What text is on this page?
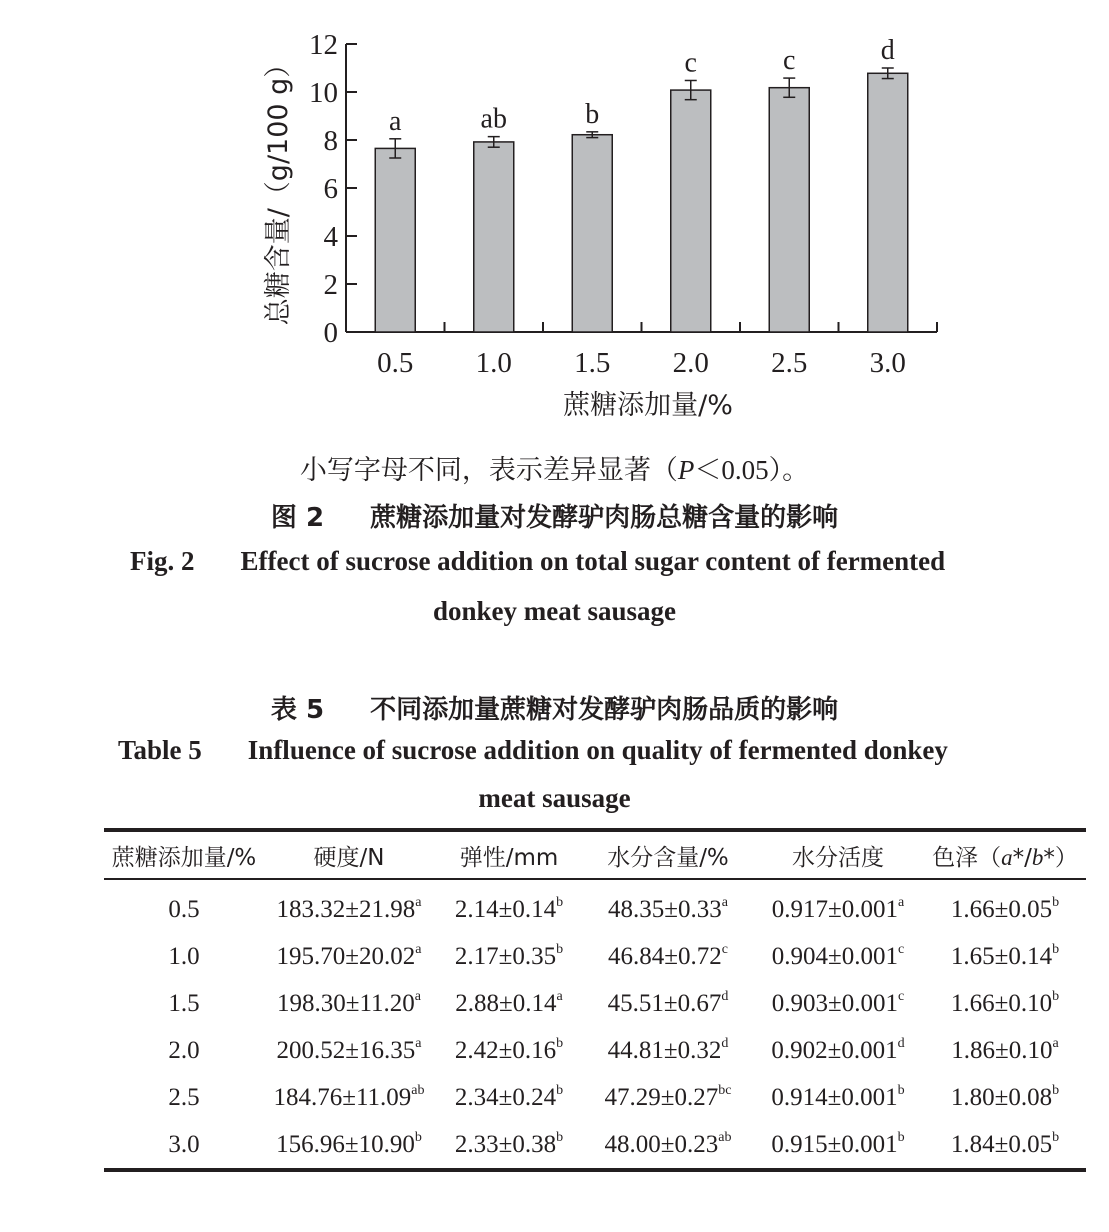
0
2
4
6
8
10
12
0.5 1.0 1.5 2.0 2.5 3.0
a	ab	b
c	c	d
总糖含量/（g/100 g）
蔗糖添加量/%

小写字母不同，表示差异显著（P＜0.05）。

图 2 蔗糖添加量对发酵驴肉肠总糖含量的影响

Fig. 2 Effect of sucrose addition on total sugar content of fermented

donkey meat sausage

表 5 不同添加量蔗糖对发酵驴肉肠品质的影响

Table 5 Influence of sucrose addition on quality of fermented donkey

meat sausage

蔗糖添加量/%	硬度/N	弹性/mm	水分含量/%	水分活度	色泽（a*/b*）
0.5	183.32±21.98$^a$	2.14±0.14$^b$	48.35±0.33$^a$	0.917±0.001$^a$	1.66±0.05$^b$
1.0	195.70±20.02$^a$	2.17±0.35$^b$	46.84±0.72$^c$	0.904±0.001$^c$	1.65±0.14$^b$
1.5	198.30±11.20$^a$	2.88±0.14$^a$	45.51±0.67$^d$	0.903±0.001$^c$	1.66±0.10$^b$
2.0	200.52±16.35$^a$	2.42±0.16$^b$	44.81±0.32$^d$	0.902±0.001$^d$	1.86±0.10$^a$
2.5	184.76±11.09$^{ab}$	2.34±0.24$^b$	47.29±0.27$^{bc}$	0.914±0.001$^b$	1.80±0.08$^b$
3.0	156.96±10.90$^b$	2.33±0.38$^b$	48.00±0.23$^{ab}$	0.915±0.001$^b$	1.84±0.05$^b$
